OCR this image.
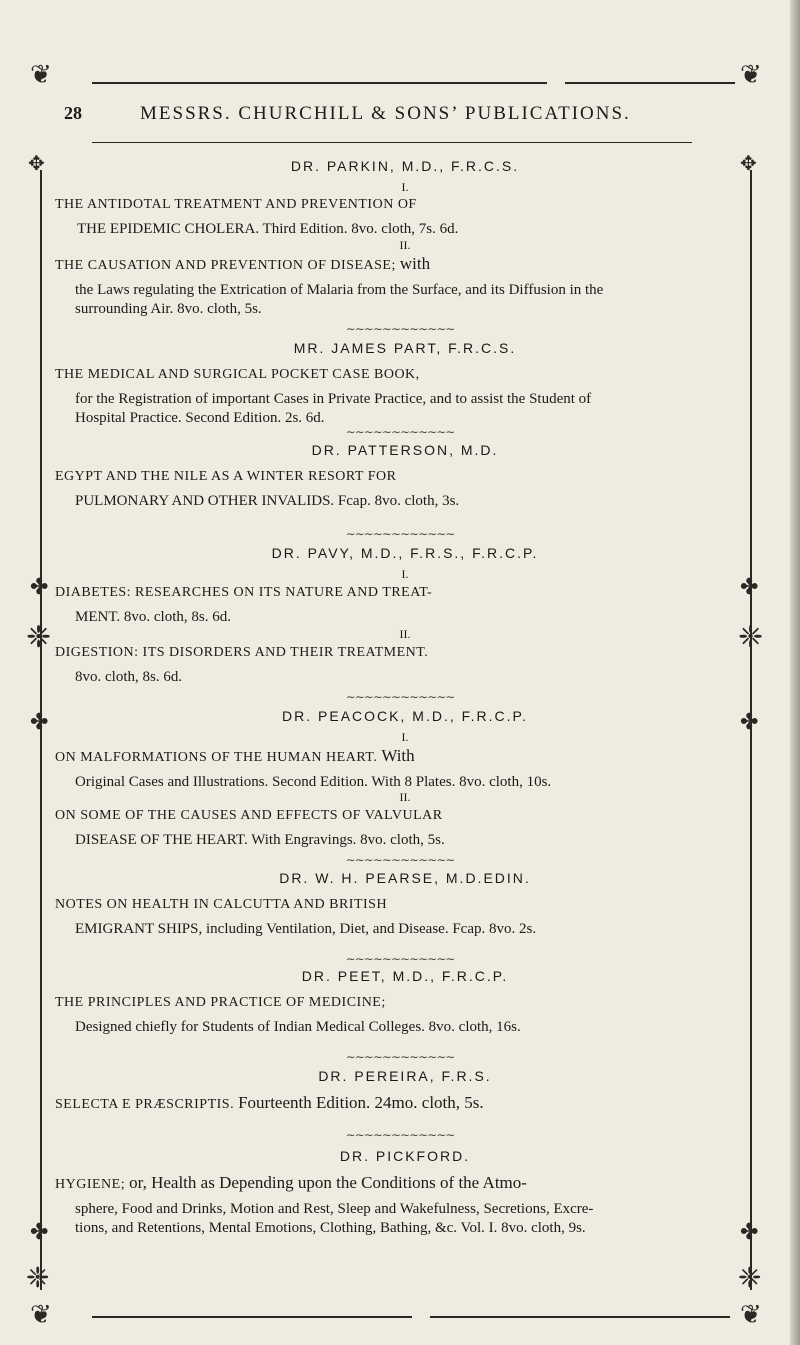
❦	❦
✥	✥
✤	✤
❈	❈
✤	✤
✤	✤
❈	❈
❦	❦
28	MESSRS. CHURCHILL & SONS’ PUBLICATIONS.
DR. PARKIN, M.D., F.R.C.S.
I.
THE ANTIDOTAL TREATMENT AND PREVENTION OF
THE EPIDEMIC CHOLERA. Third Edition. 8vo. cloth, 7s. 6d.
II.
THE CAUSATION AND PREVENTION OF DISEASE; with
the Laws regulating the Extrication of Malaria from the Surface, and its Diffusion in the
surrounding Air. 8vo. cloth, 5s.
∼∼∼∼∼∼∼∼∼∼∼∼
MR. JAMES PART, F.R.C.S.
THE MEDICAL AND SURGICAL POCKET CASE BOOK,
for the Registration of important Cases in Private Practice, and to assist the Student of
Hospital Practice. Second Edition. 2s. 6d.
∼∼∼∼∼∼∼∼∼∼∼∼
DR. PATTERSON, M.D.
EGYPT AND THE NILE AS A WINTER RESORT FOR
PULMONARY AND OTHER INVALIDS. Fcap. 8vo. cloth, 3s.
∼∼∼∼∼∼∼∼∼∼∼∼
DR. PAVY, M.D., F.R.S., F.R.C.P.
I.
DIABETES: RESEARCHES ON ITS NATURE AND TREAT-
MENT. 8vo. cloth, 8s. 6d.
II.
DIGESTION: ITS DISORDERS AND THEIR TREATMENT.
8vo. cloth, 8s. 6d.
∼∼∼∼∼∼∼∼∼∼∼∼
DR. PEACOCK, M.D., F.R.C.P.
I.
ON MALFORMATIONS OF THE HUMAN HEART. With
Original Cases and Illustrations. Second Edition. With 8 Plates. 8vo. cloth, 10s.
II.
ON SOME OF THE CAUSES AND EFFECTS OF VALVULAR
DISEASE OF THE HEART. With Engravings. 8vo. cloth, 5s.
∼∼∼∼∼∼∼∼∼∼∼∼
DR. W. H. PEARSE, M.D.EDIN.
NOTES ON HEALTH IN CALCUTTA AND BRITISH
EMIGRANT SHIPS, including Ventilation, Diet, and Disease. Fcap. 8vo. 2s.
∼∼∼∼∼∼∼∼∼∼∼∼
DR. PEET, M.D., F.R.C.P.
THE PRINCIPLES AND PRACTICE OF MEDICINE;
Designed chiefly for Students of Indian Medical Colleges. 8vo. cloth, 16s.
∼∼∼∼∼∼∼∼∼∼∼∼
DR. PEREIRA, F.R.S.
SELECTA E PRÆSCRIPTIS. Fourteenth Edition. 24mo. cloth, 5s.
∼∼∼∼∼∼∼∼∼∼∼∼
DR. PICKFORD.
HYGIENE; or, Health as Depending upon the Conditions of the Atmo-
sphere, Food and Drinks, Motion and Rest, Sleep and Wakefulness, Secretions, Excre-
tions, and Retentions, Mental Emotions, Clothing, Bathing, &c. Vol. I. 8vo. cloth, 9s.
